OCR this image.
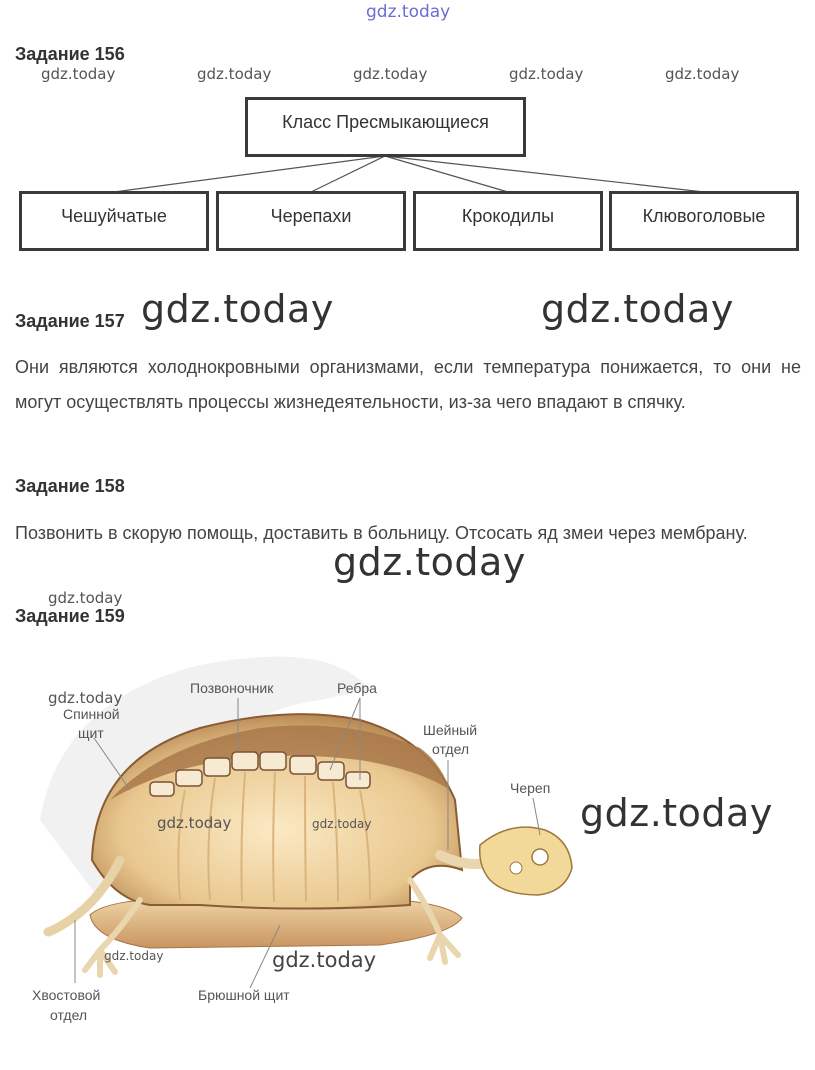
gdz.today
Задание 156
gdz.today	gdz.today	gdz.today	gdz.today	gdz.today
Класс Пресмыкающиеся
Чешуйчатые	Черепахи	Крокодилы	Клювоголовые
Задание 157 gdz.today	gdz.today
Они являются холоднокровными организмами, если температура понижается, то они не могут осуществлять процессы жизнедеятельности, из-за чего впадают в спячку.
Задание 158
Позвонить в скорую помощь, доставить в больницу. Отсосать яд змеи через мембрану.
gdz.today
gdz.today
Задание 159
Позвоночник	Ребра
Спинной
щит	Шейный
отдел
Череп
Хвостовой
отдел
Брюшной щит
gdz.today
gdz.today	gdz.today
gdz.today	gdz.today
gdz.today
